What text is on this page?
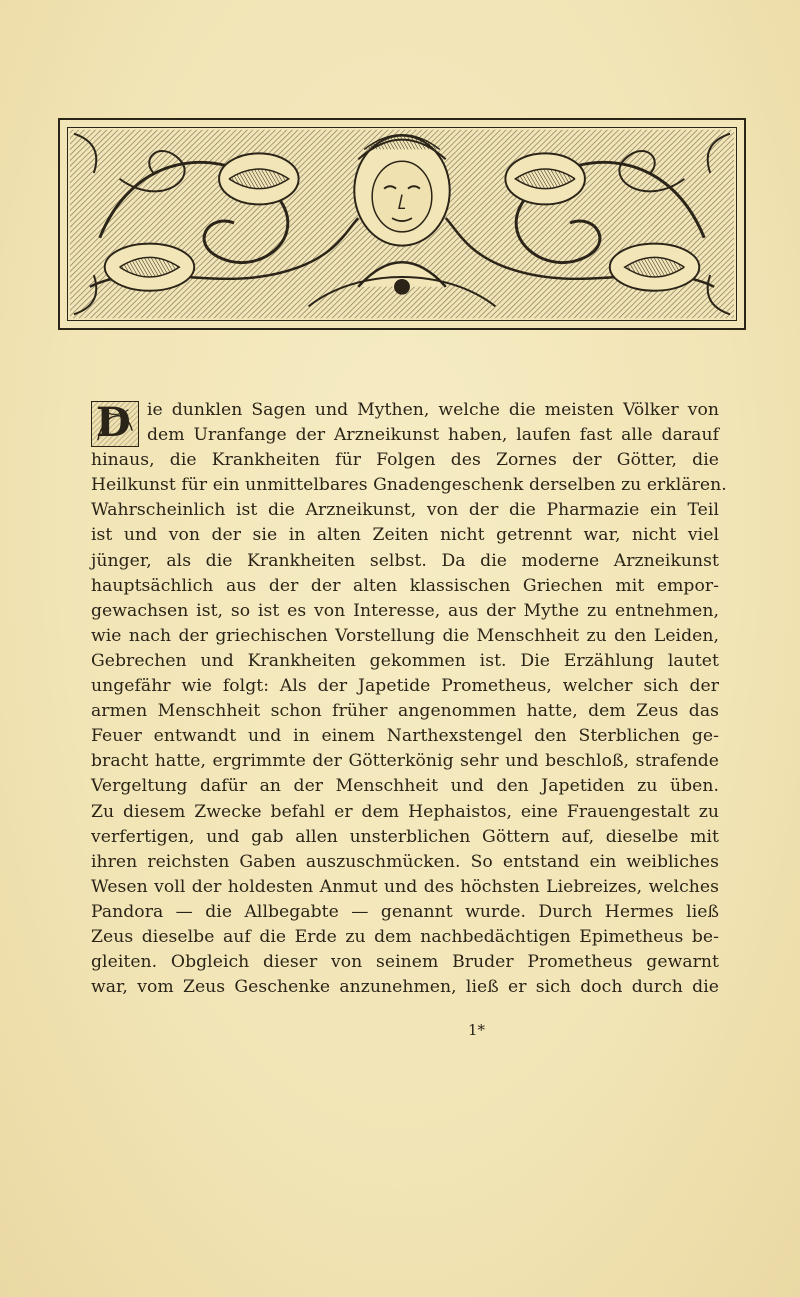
D ie dunklen Sagen und Mythen, welche die meisten Völker von
dem Uranfange der Arzneikunst haben, laufen fast alle darauf
hinaus, die Krankheiten für Folgen des Zornes der Götter, die
Heilkunst für ein unmittelbares Gnadengeschenk derselben zu erklären.
Wahrscheinlich ist die Arzneikunst, von der die Pharmazie ein Teil
ist und von der sie in alten Zeiten nicht getrennt war, nicht viel
jünger, als die Krankheiten selbst. Da die moderne Arzneikunst
hauptsächlich aus der der alten klassischen Griechen mit empor-
gewachsen ist, so ist es von Interesse, aus der Mythe zu entnehmen,
wie nach der griechischen Vorstellung die Menschheit zu den Leiden,
Gebrechen und Krankheiten gekommen ist. Die Erzählung lautet
ungefähr wie folgt: Als der Japetide Prometheus, welcher sich der
armen Menschheit schon früher angenommen hatte, dem Zeus das
Feuer entwandt und in einem Narthexstengel den Sterblichen ge-
bracht hatte, ergrimmte der Götterkönig sehr und beschloß, strafende
Vergeltung dafür an der Menschheit und den Japetiden zu üben.
Zu diesem Zwecke befahl er dem Hephaistos, eine Frauengestalt zu
verfertigen, und gab allen unsterblichen Göttern auf, dieselbe mit
ihren reichsten Gaben auszuschmücken. So entstand ein weibliches
Wesen voll der holdesten Anmut und des höchsten Liebreizes, welches
Pandora — die Allbegabte — genannt wurde. Durch Hermes ließ
Zeus dieselbe auf die Erde zu dem nachbedächtigen Epimetheus be-
gleiten. Obgleich dieser von seinem Bruder Prometheus gewarnt
war, vom Zeus Geschenke anzunehmen, ließ er sich doch durch die
1*
